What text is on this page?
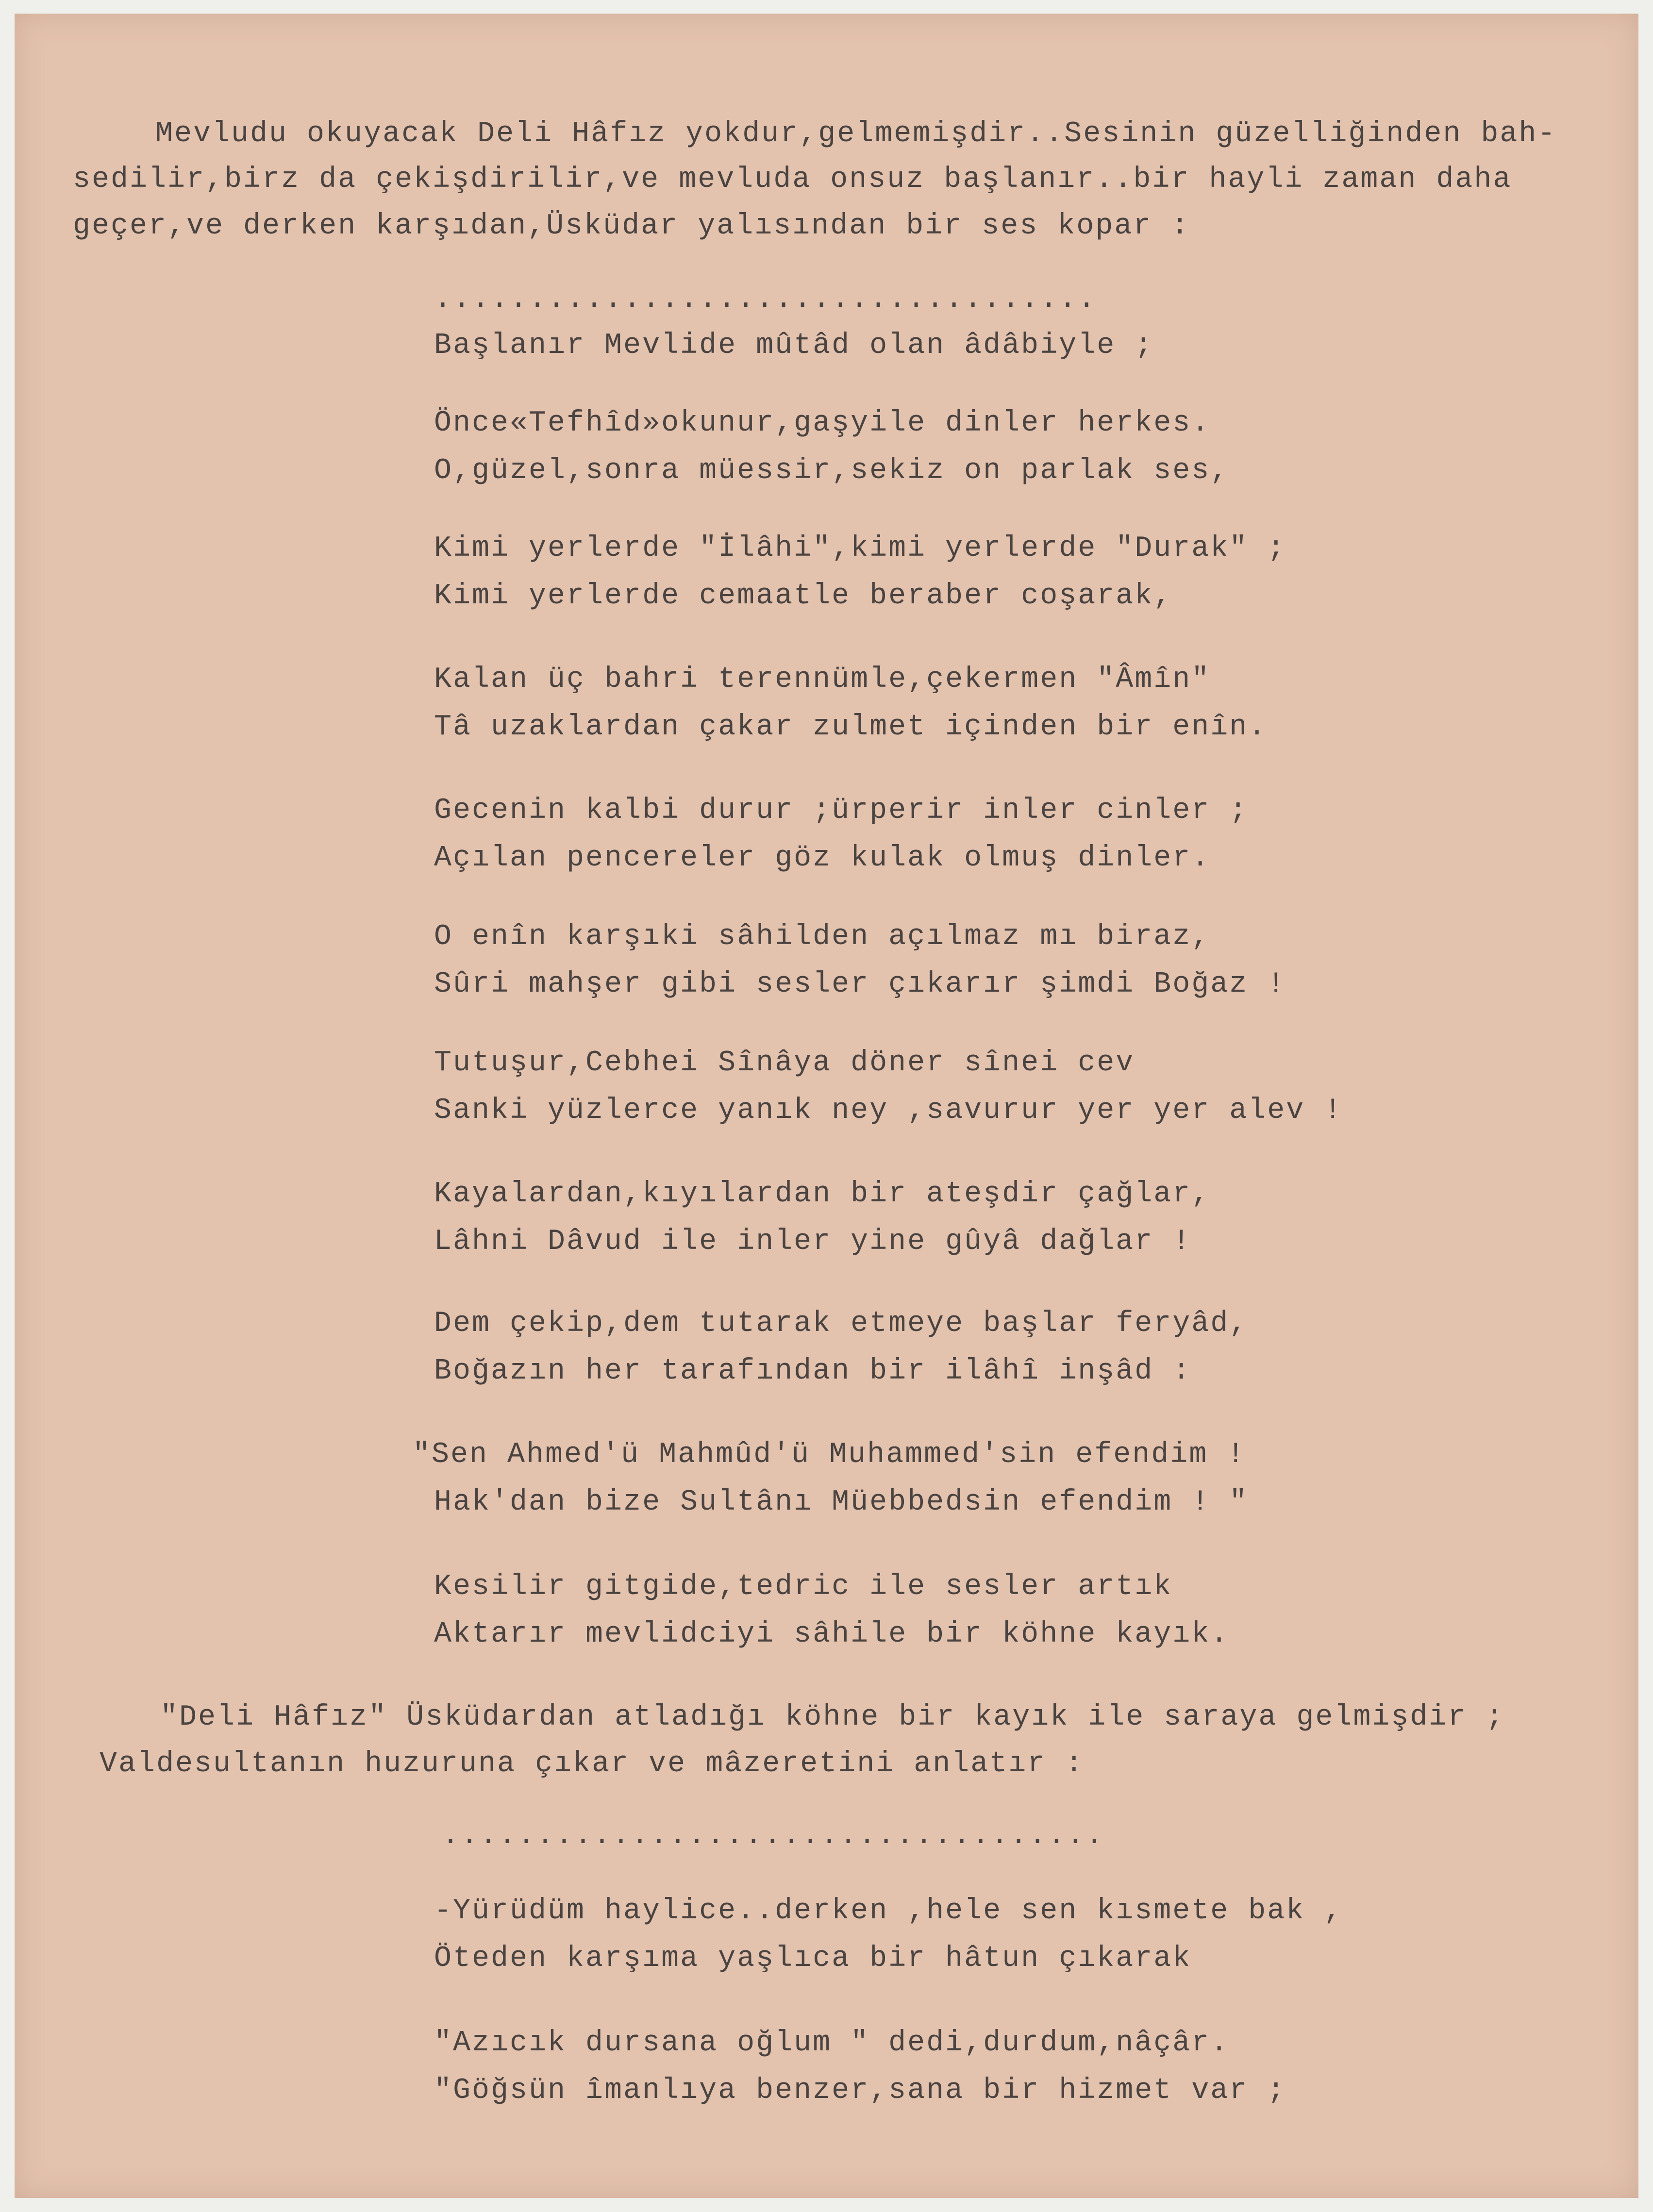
Mevludu okuyacak Deli Hâfız yokdur,gelmemişdir..Sesinin güzelliğinden bah-
sedilir,birz da çekişdirilir,ve mevluda onsuz başlanır..bir hayli zaman daha
geçer,ve derken karşıdan,Üsküdar yalısından bir ses kopar :
...................................
Başlanır Mevlide mûtâd olan âdâbiyle ;
Önce«Tefhîd»okunur,gaşyile dinler herkes.
O,güzel,sonra müessir,sekiz on parlak ses,
Kimi yerlerde "İlâhi",kimi yerlerde "Durak" ;
Kimi yerlerde cemaatle beraber coşarak,
Kalan üç bahri terennümle,çekermen "Âmîn"
Tâ uzaklardan çakar zulmet içinden bir enîn.
Gecenin kalbi durur ;ürperir inler cinler ;
Açılan pencereler göz kulak olmuş dinler.
O enîn karşıki sâhilden açılmaz mı biraz,
Sûri mahşer gibi sesler çıkarır şimdi Boğaz !
Tutuşur,Cebhei Sînâya döner sînei cev
Sanki yüzlerce yanık ney ,savurur yer yer alev !
Kayalardan,kıyılardan bir ateşdir çağlar,
Lâhni Dâvud ile inler yine gûyâ dağlar !
Dem çekip,dem tutarak etmeye başlar feryâd,
Boğazın her tarafından bir ilâhî inşâd :
"Sen Ahmed'ü Mahmûd'ü Muhammed'sin efendim !
Hak'dan bize Sultânı Müebbedsin efendim ! "
Kesilir gitgide,tedric ile sesler artık
Aktarır mevlidciyi sâhile bir köhne kayık.
"Deli Hâfız" Üsküdardan atladığı köhne bir kayık ile saraya gelmişdir ;
Valdesultanın huzuruna çıkar ve mâzeretini anlatır :
...................................
-Yürüdüm haylice..derken ,hele sen kısmete bak ,
Öteden karşıma yaşlıca bir hâtun çıkarak
"Azıcık dursana oğlum " dedi,durdum,nâçâr.
"Göğsün îmanlıya benzer,sana bir hizmet var ;
